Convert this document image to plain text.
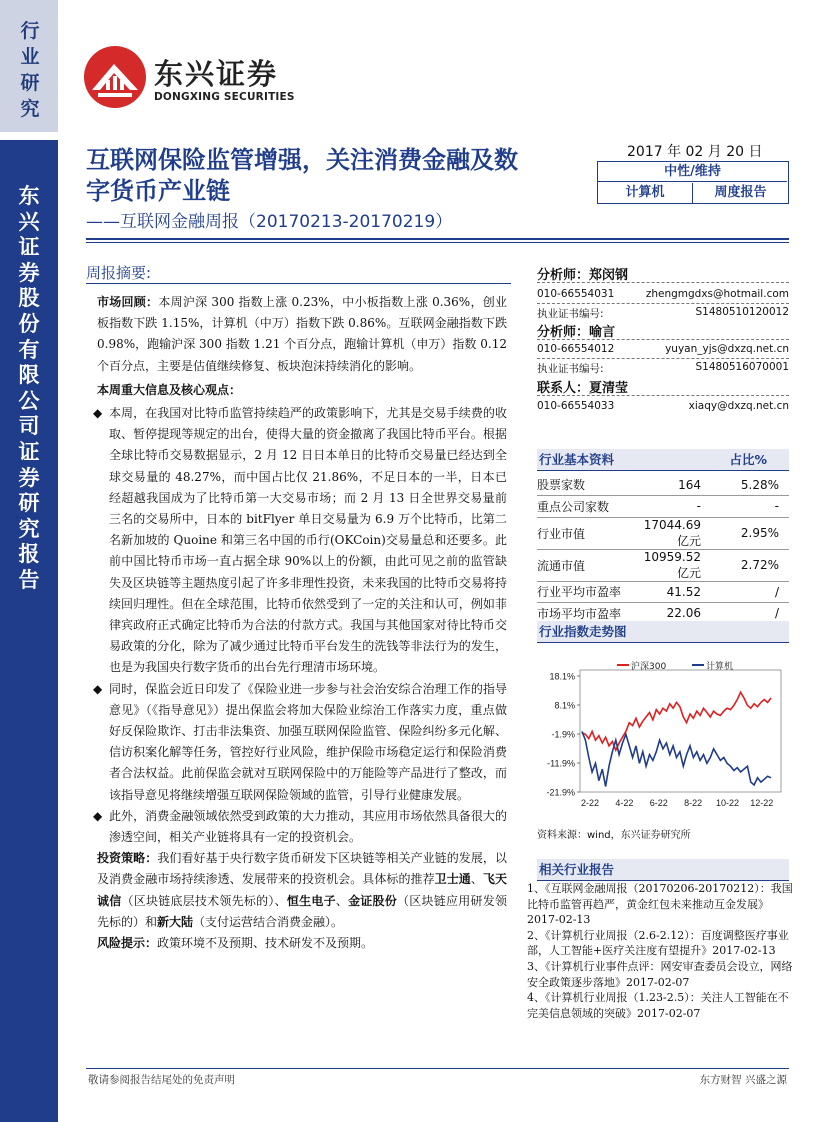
行业研究
东兴证券股份有限公司证券研究报告
东兴证券
DONGXING SECURITIES
互联网保险监管增强，关注消费金融及数字货币产业链
——互联网金融周报（20170213-20170219）
2017 年 02 月 20 日
中性/维持
计算机	周度报告
周报摘要:

市场回顾：本周沪深 300 指数上涨 0.23%，中小板指数上涨 0.36%，创业板指数下跌 1.15%，计算机（中万）指数下跌 0.86%。互联网金融指数下跌 0.98%，跑输沪深 300 指数 1.21 个百分点，跑输计算机（申万）指数 0.12 个百分点，主要是估值继续修复、板块泡沫持续消化的影响。

本周重大信息及核心观点：

◆ 本周，在我国对比特币监管持续趋严的政策影响下，尤其是交易手续费的收取、暂停提现等规定的出台，使得大量的资金撤离了我国比特币平台。根据全球比特币交易数据显示，2 月 12 日日本单日的比特币交易量已经达到全球交易量的 48.27%，而中国占比仅 21.86%，不足日本的一半，日本已经超越我国成为了比特币第一大交易市场；而 2 月 13 日全世界交易量前三名的交易所中，日本的 bitFlyer 单日交易量为 6.9 万个比特币，比第二名新加坡的 Quoine 和第三名中国的币行(OKCoin)交易量总和还要多。此前中国比特币市场一直占据全球 90%以上的份额，由此可见之前的监管缺失及区块链等主题热度引起了许多非理性投资，未来我国的比特币交易将持续回归理性。但在全球范围，比特币依然受到了一定的关注和认可，例如菲律宾政府正式确定比特币为合法的付款方式。我国与其他国家对待比特币交易政策的分化，除为了减少通过比特币平台发生的洗钱等非法行为的发生，也是为我国央行数字货币的出台先行理清市场环境。

◆ 同时，保监会近日印发了《保险业进一步参与社会治安综合治理工作的指导意见》（《指导意见》）提出保监会将加大保险业综治工作落实力度，重点做好反保险欺诈、打击非法集资、加强互联网保险监管、保险纠纷多元化解、信访积案化解等任务，管控好行业风险，维护保险市场稳定运行和保险消费者合法权益。此前保监会就对互联网保险中的万能险等产品进行了整改，而该指导意见将继续增强互联网保险领域的监管，引导行业健康发展。

◆ 此外，消费金融领域依然受到政策的大力推动，其应用市场依然具备很大的渗透空间，相关产业链将具有一定的投资机会。

投资策略：我们看好基于央行数字货币研发下区块链等相关产业链的发展，以及消费金融市场持续渗透、发展带来的投资机会。具体标的推荐卫士通、飞天诚信（区块链底层技术领先标的）、恒生电子、金证股份（区块链应用研发领先标的）和新大陆（支付运营结合消费金融）。

风险提示：政策环境不及预期、技术研发不及预期。

分析师：郑闵钢
010-66554031	zhengmgdxs@hotmail.com
执业证书编号:	S1480510120012
分析师：喻言
010-66554012	yuyan_yjs@dxzq.net.cn
执业证书编号:	S1480516070001
联系人：夏清莹
010-66554033	xiaqy@dxzq.net.cn
行业基本资料	占比%
股票家数	164	5.28%
重点公司家数	-	-
行业市值	17044.69 亿元	2.95%
流通市值	10959.52 亿元	2.72%
行业平均市盈率	41.52	/
市场平均市盈率	22.06	/
行业指数走势图
18.1%
8.1%
-1.9%
-11.9%
-21.9%
2-22 4-22 6-22 8-22 10-22 12-22
沪深300	计算机
资料来源：wind，东兴证券研究所
相关行业报告
1、《互联网金融周报（20170206-20170212）：我国比特币监管再趋严，黄金红包未来推动互金发展》2017-02-13
2、《计算机行业周报（2.6-2.12）：百度调整医疗事业部，人工智能+医疗关注度有望提升》2017-02-13
3、《计算机行业事件点评：网安审查委员会设立，网络安全政策逐步落地》2017-02-07
4、《计算机行业周报（1.23-2.5）：关注人工智能在不完美信息领域的突破》2017-02-07
敬请参阅报告结尾处的免责声明	东方财智 兴盛之源
